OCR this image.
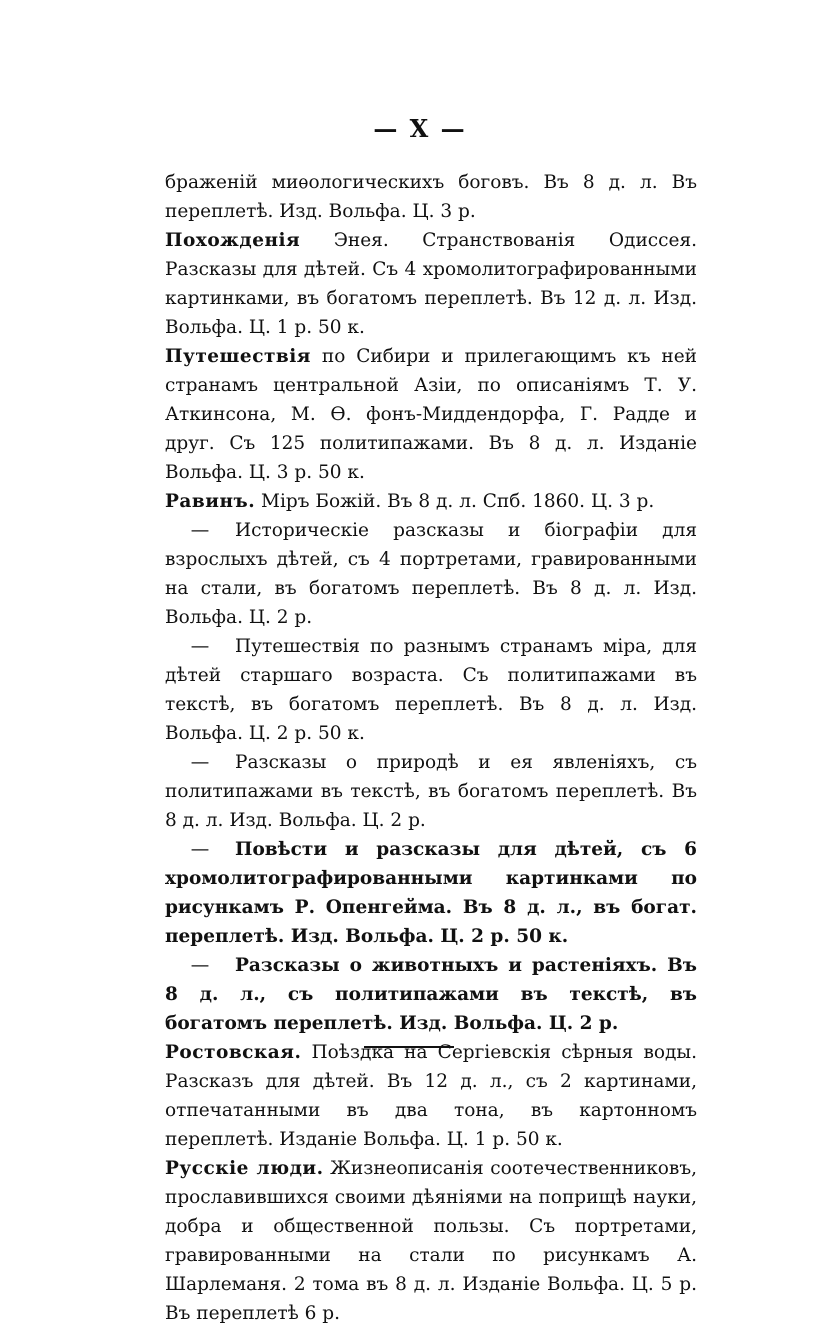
— X —

браженій миѳологическихъ боговъ. Въ 8 д. л. Въ переплетѣ. Изд. Вольфа. Ц. 3 р.

Похожденія Энея. Странствованія Одиссея. Разсказы для дѣтей. Съ 4 хромолитографированными картинками, въ богатомъ переплетѣ. Въ 12 д. л. Изд. Вольфа. Ц. 1 р. 50 к.

Путешествія по Сибири и прилегающимъ къ ней странамъ центральной Азіи, по описаніямъ Т. У. Аткинсона, М. Ѳ. фонъ-Миддендорфа, Г. Радде и друг. Съ 125 политипажами. Въ 8 д. л. Изданіе Вольфа. Ц. 3 р. 50 к.

Равинъ. Міръ Божій. Въ 8 д. л. Спб. 1860. Ц. 3 р.

— Историческіе разсказы и біографіи для взрослыхъ дѣтей, съ 4 портретами, гравированными на стали, въ богатомъ переплетѣ. Въ 8 д. л. Изд. Вольфа. Ц. 2 р.

— Путешествія по разнымъ странамъ міра, для дѣтей старшаго возраста. Съ политипажами въ текстѣ, въ богатомъ переплетѣ. Въ 8 д. л. Изд. Вольфа. Ц. 2 р. 50 к.

— Разсказы о природѣ и ея явленіяхъ, съ политипажами въ текстѣ, въ богатомъ переплетѣ. Въ 8 д. л. Изд. Вольфа. Ц. 2 р.

— Повѣсти и разсказы для дѣтей, съ 6 хромолитографированными картинками по рисункамъ Р. Опенгейма. Въ 8 д. л., въ богат. переплетѣ. Изд. Вольфа. Ц. 2 р. 50 к.

— Разсказы о животныхъ и растеніяхъ. Въ 8 д. л., съ политипажами въ текстѣ, въ богатомъ переплетѣ. Изд. Вольфа. Ц. 2 р.

Ростовская. Поѣздка на Сергіевскія сѣрныя воды. Разсказъ для дѣтей. Въ 12 д. л., съ 2 картинами, отпечатанными въ два тона, въ картонномъ переплетѣ. Изданіе Вольфа. Ц. 1 р. 50 к.

Русскіе люди. Жизнеописанія соотечественниковъ, прославившихся своими дѣяніями на поприщѣ науки, добра и общественной пользы. Съ портретами, гравированными на стали по рисункамъ А. Шарлеманя. 2 тома въ 8 д. л. Изданіе Вольфа. Ц. 5 р. Въ переплетѣ 6 р.
